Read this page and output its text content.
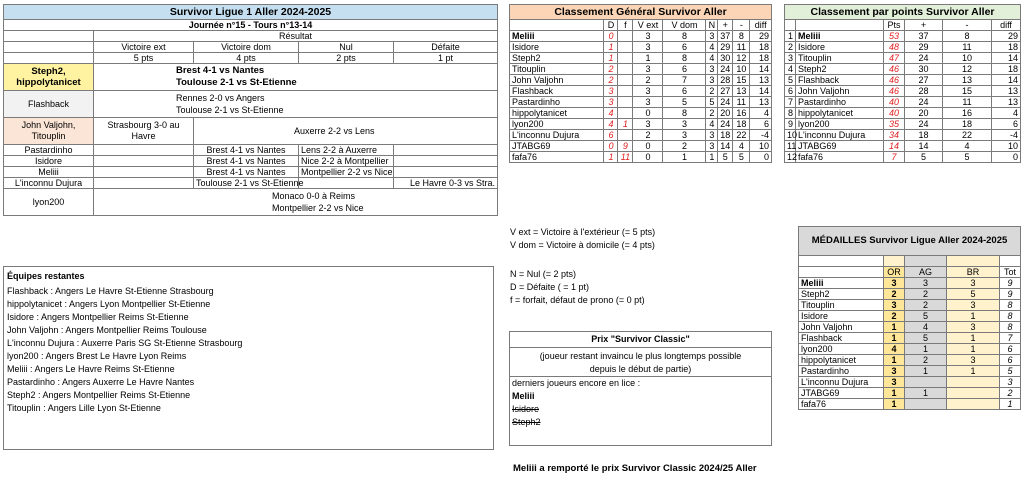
Survivor Ligue 1 Aller 2024-2025				
Journée n°15 - Tours n°13-14				
	Résultat			
	Victoire ext	Victoire dom	Nul	Défaite
	5 pts	4 pts	2 pts	1 pt
Steph2, hippolytanicet	Brest 4-1 vs Nantes
Toulouse 2-1 vs St-Etienne			

Flashback	Rennes 2-0 vs Angers
Toulouse 2-1 vs St-Etienne			

John Valjohn, Titouplin	Strasbourg 3-0 au Havre	Auxerre 2-2 vs Lens		
Pastardinho		Brest 4-1 vs Nantes	Lens 2-2 à Auxerre	
Isidore		Brest 4-1 vs Nantes	Nice 2-2 à Montpellier	
Meliii		Brest 4-1 vs Nantes	Montpellier 2-2 vs Nice	
L'inconnu Dujura		Toulouse 2-1 vs St-Etienne		Le Havre 0-3 vs Stra.
lyon200	Monaco 0-0 à Reims
Montpellier 2-2 vs Nice			
Équipes restantes
Flashback : Angers Le Havre St-Etienne Strasbourg
hippolytanicet : Angers Lyon Montpellier St-Etienne
Isidore : Angers Montpellier Reims St-Etienne
John Valjohn : Angers Montpellier Reims Toulouse
L'inconnu Dujura : Auxerre Paris SG St-Etienne Strasbourg
lyon200 : Angers Brest Le Havre Lyon Reims
Meliii : Angers Le Havre Reims St-Etienne
Pastardinho : Angers Auxerre Le Havre Nantes
Steph2 : Angers Montpellier Reims St-Etienne
Titouplin : Angers Lille Lyon St-Etienne
Classement Général Survivor Aller								
	D	f	V ext	V dom	N	+	-	diff
Meliii	0		3	8	3	37	8	29
Isidore	1		3	6	4	29	11	18
Steph2	1		1	8	4	30	12	18
Titouplin	2		3	6	3	24	10	14
John Valjohn	2		2	7	3	28	15	13
Flashback	3		3	6	2	27	13	14
Pastardinho	3		3	5	5	24	11	13
hippolytanicet	4		0	8	2	20	16	4
lyon200	4	1	3	3	4	24	18	6
L'inconnu Dujura	6		2	3	3	18	22	-4
JTABG69	0	9	0	2	3	14	4	10
fafa76	1	11	0	1	1	5	5	0
V ext = Victoire à l'extérieur (= 5 pts)
V dom = Victoire à domicile (= 4 pts)
N = Nul (= 2 pts)
D = Défaite ( = 1 pt)
f = forfait, défaut de prono (= 0 pt)
Prix "Survivor Classic"
(joueur restant invaincu le plus longtemps possible
depuis le début de partie)
derniers joueurs encore en lice :
Meliii
Isidore
Steph2
Meliii a remporté le prix Survivor Classic 2024/25 Aller
Classement par points Survivor Aller					
		Pts	+	-	diff
1	Meliii	53	37	8	29
2	Isidore	48	29	11	18
3	Titouplin	47	24	10	14
4	Steph2	46	30	12	18
5	Flashback	46	27	13	14
6	John Valjohn	46	28	15	13
7	Pastardinho	40	24	11	13
8	hippolytanicet	40	20	16	4
9	lyon200	35	24	18	6
10	L'inconnu Dujura	34	18	22	-4
11	JTABG69	14	14	4	10
12	fafa76	7	5	5	0
MÉDAILLES Survivor Ligue Aller 2024-2025				

	OR	AG	BR	Tot
Meliii	3	3	3	9
Steph2	2	2	5	9
Titouplin	3	2	3	8
Isidore	2	5	1	8
John Valjohn	1	4	3	8
Flashback	1	5	1	7
lyon200	4	1	1	6
hippolytanicet	1	2	3	6
Pastardinho	3	1	1	5
L'inconnu Dujura	3			3
JTABG69	1	1		2
fafa76	1			1
